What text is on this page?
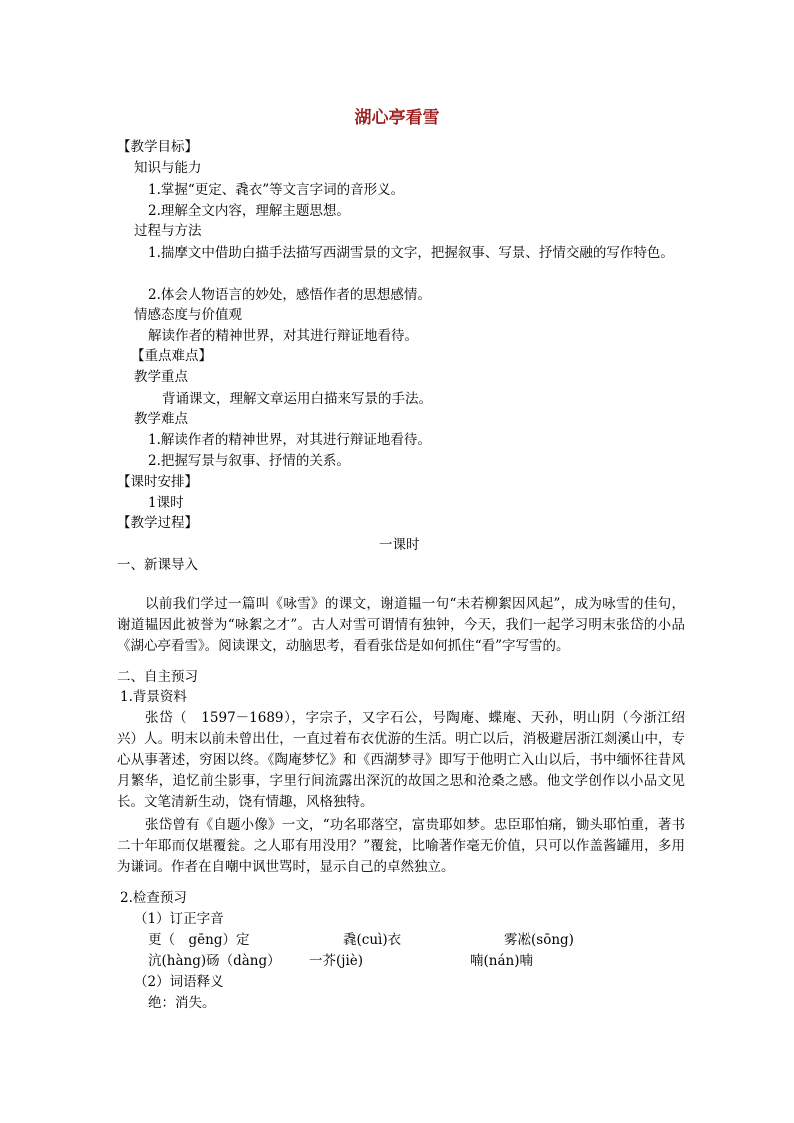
湖心亭看雪
【教学目标】
知识与能力
1.掌握“更定、毳衣”等文言字词的音形义。
2.理解全文内容，理解主题思想。
过程与方法
1.揣摩文中借助白描手法描写西湖雪景的文字，把握叙事、写景、抒情交融的写作特色。
2.体会人物语言的妙处，感悟作者的思想感情。
情感态度与价值观
解读作者的精神世界，对其进行辩证地看待。
【重点难点】
教学重点
背诵课文，理解文章运用白描来写景的手法。
教学难点
1.解读作者的精神世界，对其进行辩证地看待。
2.把握写景与叙事、抒情的关系。
【课时安排】
1课时
【教学过程】
一课时
一、新课导入
以前我们学过一篇叫《咏雪》的课文，谢道韫一句“未若柳絮因风起”，成为咏雪的佳句，谢道韫因此被誉为“咏絮之才”。古人对雪可谓情有独钟，今天，我们一起学习明末张岱的小品《湖心亭看雪》。阅读课文，动脑思考，看看张岱是如何抓住“看”字写雪的。
二、自主预习
1.背景资料
张岱（　1597－1689），字宗子，又字石公，号陶庵、蝶庵、天孙，明山阴（今浙江绍兴）人。明末以前未曾出仕，一直过着布衣优游的生活。明亡以后，消极避居浙江剡溪山中，专心从事著述，穷困以终。《陶庵梦忆》和《西湖梦寻》即写于他明亡入山以后，书中缅怀往昔风月繁华，追忆前尘影事，字里行间流露出深沉的故国之思和沧桑之感。他文学创作以小品文见长。文笔清新生动，饶有情趣，风格独特。
张岱曾有《自题小像》一文，“功名耶落空，富贵耶如梦。忠臣耶怕痛，锄头耶怕重，著书二十年耶而仅堪覆瓮。之人耶有用没用？”覆瓮，比喻著作毫无价值，只可以作盖酱罐用，多用为谦词。作者在自嘲中讽世骂时，显示自己的卓然独立。
2.检查预习
（1）订正字音
更（　gēng）定	毳(cuì)衣	雾凇(sōng)
沆(hàng)砀（dàng） 一芥(jiè)	喃(nán)喃
（2）词语释义
绝：消失。
